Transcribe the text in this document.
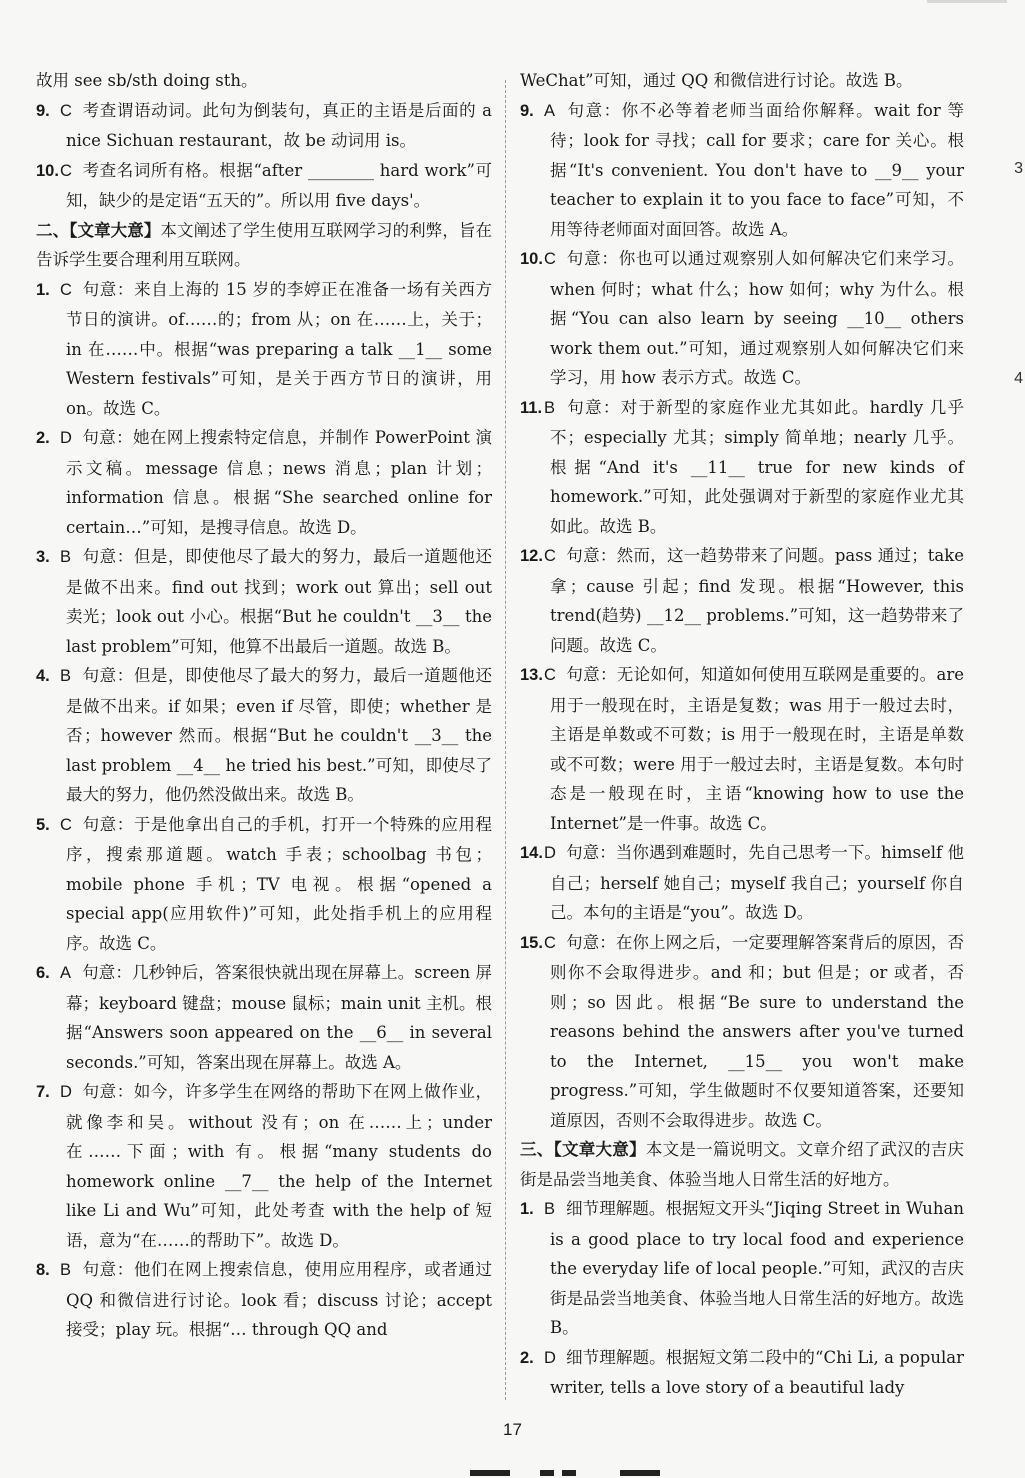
故用 see sb/sth doing sth。

9. C 考查谓语动词。此句为倒装句，真正的主语是后面的 a nice Sichuan restaurant，故 be 动词用 is。

10.C 考查名词所有格。根据“after ________ hard work”可知，缺少的是定语“五天的”。所以用 five days'。

二、【文章大意】本文阐述了学生使用互联网学习的利弊，旨在告诉学生要合理利用互联网。

1. C 句意：来自上海的 15 岁的李婷正在准备一场有关西方节日的演讲。of……的；from 从；on 在……上，关于；in 在……中。根据“was preparing a talk __1__ some Western festivals”可知，是关于西方节日的演讲，用 on。故选 C。

2. D 句意：她在网上搜索特定信息，并制作 PowerPoint 演示文稿。message 信息；news 消息；plan 计划；information 信息。根据“She searched online for certain…”可知，是搜寻信息。故选 D。

3. B 句意：但是，即使他尽了最大的努力，最后一道题他还是做不出来。find out 找到；work out 算出；sell out 卖光；look out 小心。根据“But he couldn't __3__ the last problem”可知，他算不出最后一道题。故选 B。

4. B 句意：但是，即使他尽了最大的努力，最后一道题他还是做不出来。if 如果；even if 尽管，即使；whether 是否；however 然而。根据“But he couldn't __3__ the last problem __4__ he tried his best.”可知，即使尽了最大的努力，他仍然没做出来。故选 B。

5. C 句意：于是他拿出自己的手机，打开一个特殊的应用程序，搜索那道题。watch 手表；schoolbag 书包；mobile phone 手机；TV 电视。根据“opened a special app(应用软件)”可知，此处指手机上的应用程序。故选 C。

6. A 句意：几秒钟后，答案很快就出现在屏幕上。screen 屏幕；keyboard 键盘；mouse 鼠标；main unit 主机。根据“Answers soon appeared on the __6__ in several seconds.”可知，答案出现在屏幕上。故选 A。

7. D 句意：如今，许多学生在网络的帮助下在网上做作业，就像李和吴。without 没有；on 在……上；under 在……下面；with 有。根据“many students do homework online __7__ the help of the Internet like Li and Wu”可知，此处考查 with the help of 短语，意为“在……的帮助下”。故选 D。

8. B 句意：他们在网上搜索信息，使用应用程序，或者通过 QQ 和微信进行讨论。look 看；discuss 讨论；accept 接受；play 玩。根据“… through QQ and

WeChat”可知，通过 QQ 和微信进行讨论。故选 B。

9. A 句意：你不必等着老师当面给你解释。wait for 等待；look for 寻找；call for 要求；care for 关心。根据“It's convenient. You don't have to __9__ your teacher to explain it to you face to face”可知，不用等待老师面对面回答。故选 A。

10.C 句意：你也可以通过观察别人如何解决它们来学习。when 何时；what 什么；how 如何；why 为什么。根据“You can also learn by seeing __10__ others work them out.”可知，通过观察别人如何解决它们来学习，用 how 表示方式。故选 C。

11. B 句意：对于新型的家庭作业尤其如此。hardly 几乎不；especially 尤其；simply 简单地；nearly 几乎。根据“And it's __11__ true for new kinds of homework.”可知，此处强调对于新型的家庭作业尤其如此。故选 B。

12.C 句意：然而，这一趋势带来了问题。pass 通过；take 拿；cause 引起；find 发现。根据“However, this trend(趋势) __12__ problems.”可知，这一趋势带来了问题。故选 C。

13.C 句意：无论如何，知道如何使用互联网是重要的。are 用于一般现在时，主语是复数；was 用于一般过去时，主语是单数或不可数；is 用于一般现在时，主语是单数或不可数；were 用于一般过去时，主语是复数。本句时态是一般现在时，主语“knowing how to use the Internet”是一件事。故选 C。

14.D 句意：当你遇到难题时，先自己思考一下。himself 他自己；herself 她自己；myself 我自己；yourself 你自己。本句的主语是“you”。故选 D。

15.C 句意：在你上网之后，一定要理解答案背后的原因，否则你不会取得进步。and 和；but 但是；or 或者，否则；so 因此。根据“Be sure to understand the reasons behind the answers after you've turned to the Internet, __15__ you won't make progress.”可知，学生做题时不仅要知道答案，还要知道原因，否则不会取得进步。故选 C。

三、【文章大意】本文是一篇说明文。文章介绍了武汉的吉庆街是品尝当地美食、体验当地人日常生活的好地方。

1. B 细节理解题。根据短文开头“Jiqing Street in Wuhan is a good place to try local food and experience the everyday life of local people.”可知，武汉的吉庆街是品尝当地美食、体验当地人日常生活的好地方。故选 B。

2. D 细节理解题。根据短文第二段中的“Chi Li, a popular writer, tells a love story of a beautiful lady

3
4
17
